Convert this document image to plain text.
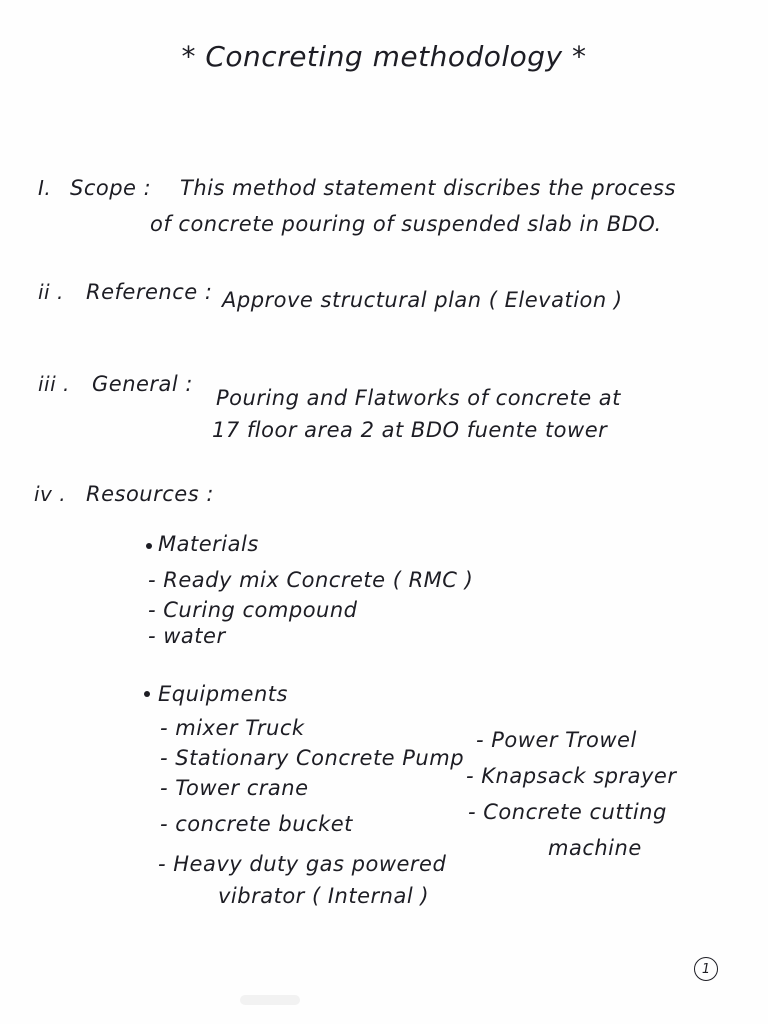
* Concreting methodology *
I. Scope : This method statement discribes the process
of concrete pouring of suspended slab in BDO.
ii . Reference : Approve structural plan ( Elevation )
iii . General :
Pouring and Flatworks of concrete at
17 floor area 2 at BDO fuente tower
iv . Resources :
Materials
- Ready mix Concrete ( RMC )
- Curing compound
- water
Equipments
- mixer Truck
- Stationary Concrete Pump
- Tower crane
- concrete bucket
- Heavy duty gas powered
vibrator ( Internal )
- Power Trowel
- Knapsack sprayer
- Concrete cutting
machine
1
